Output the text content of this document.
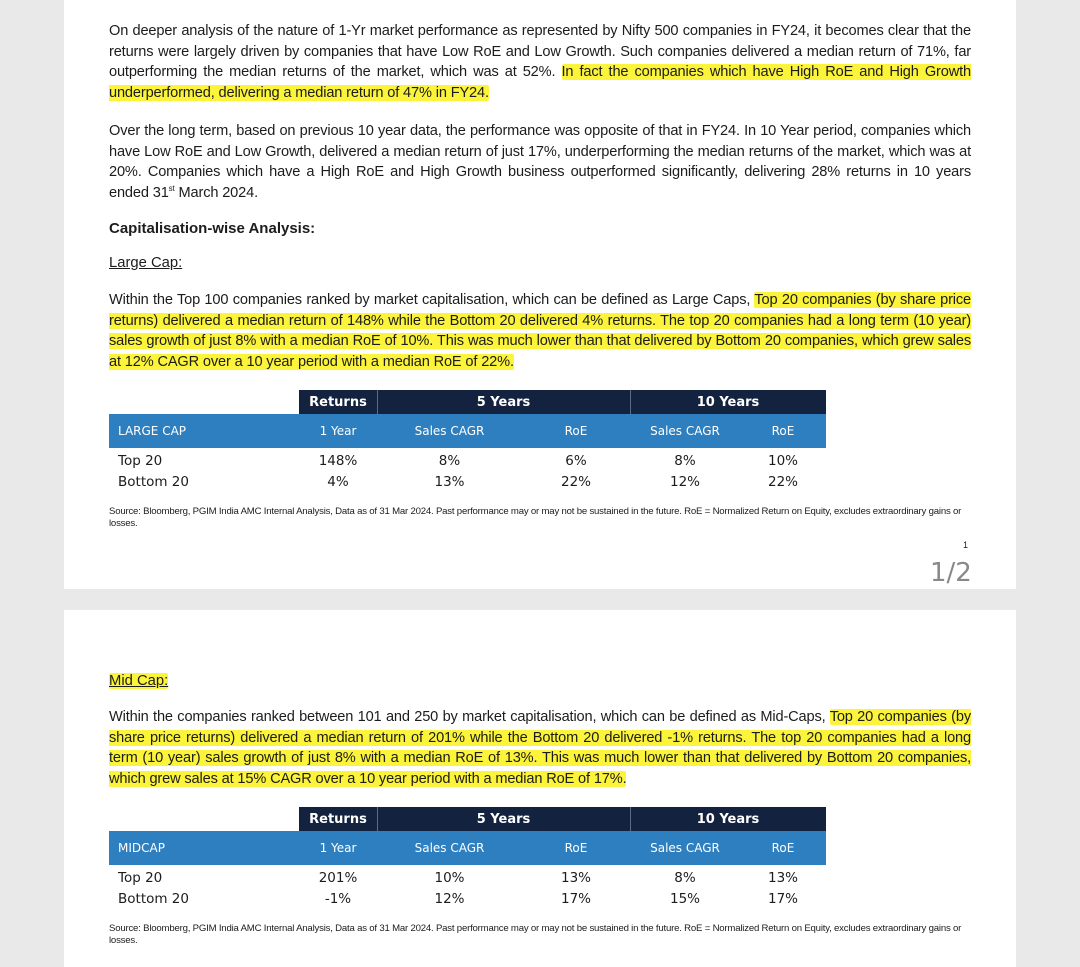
On deeper analysis of the nature of 1-Yr market performance as represented by Nifty 500 companies in FY24, it becomes clear that the returns were largely driven by companies that have Low RoE and Low Growth. Such companies delivered a median return of 71%, far outperforming the median returns of the market, which was at 52%. In fact the companies which have High RoE and High Growth underperformed, delivering a median return of 47% in FY24.

Over the long term, based on previous 10 year data, the performance was opposite of that in FY24. In 10 Year period, companies which have Low RoE and Low Growth, delivered a median return of just 17%, underperforming the median returns of the market, which was at 20%. Companies which have a High RoE and High Growth business outperformed significantly, delivering 28% returns in 10 years ended 31st March 2024.

Capitalisation-wise Analysis:
Large Cap:

Within the Top 100 companies ranked by market capitalisation, which can be defined as Large Caps, Top 20 companies (by share price returns) delivered a median return of 148% while the Bottom 20 delivered 4% returns. The top 20 companies had a long term (10 year) sales growth of just 8% with a median RoE of 10%. This was much lower than that delivered by Bottom 20 companies, which grew sales at 12% CAGR over a 10 year period with a median RoE of 22%.

Returns	5 Years	10 Years
LARGE CAP	1 Year	Sales CAGR	RoE	Sales CAGR	RoE
Top 20	148%	8%	6%	8%	10%
Bottom 20	4%	13%	22%	12%	22%

Source: Bloomberg, PGIM India AMC Internal Analysis, Data as of 31 Mar 2024. Past performance may or may not be sustained in the future. RoE = Normalized Return on Equity, excludes extraordinary gains or losses.

1
1/2
Mid Cap:

Within the companies ranked between 101 and 250 by market capitalisation, which can be defined as Mid-Caps, Top 20 companies (by share price returns) delivered a median return of 201% while the Bottom 20 delivered -1% returns. The top 20 companies had a long term (10 year) sales growth of just 8% with a median RoE of 13%. This was much lower than that delivered by Bottom 20 companies, which grew sales at 15% CAGR over a 10 year period with a median RoE of 17%.

Returns	5 Years	10 Years
MIDCAP	1 Year	Sales CAGR	RoE	Sales CAGR	RoE
Top 20	201%	10%	13%	8%	13%
Bottom 20	-1%	12%	17%	15%	17%

Source: Bloomberg, PGIM India AMC Internal Analysis, Data as of 31 Mar 2024. Past performance may or may not be sustained in the future. RoE = Normalized Return on Equity, excludes extraordinary gains or losses.
